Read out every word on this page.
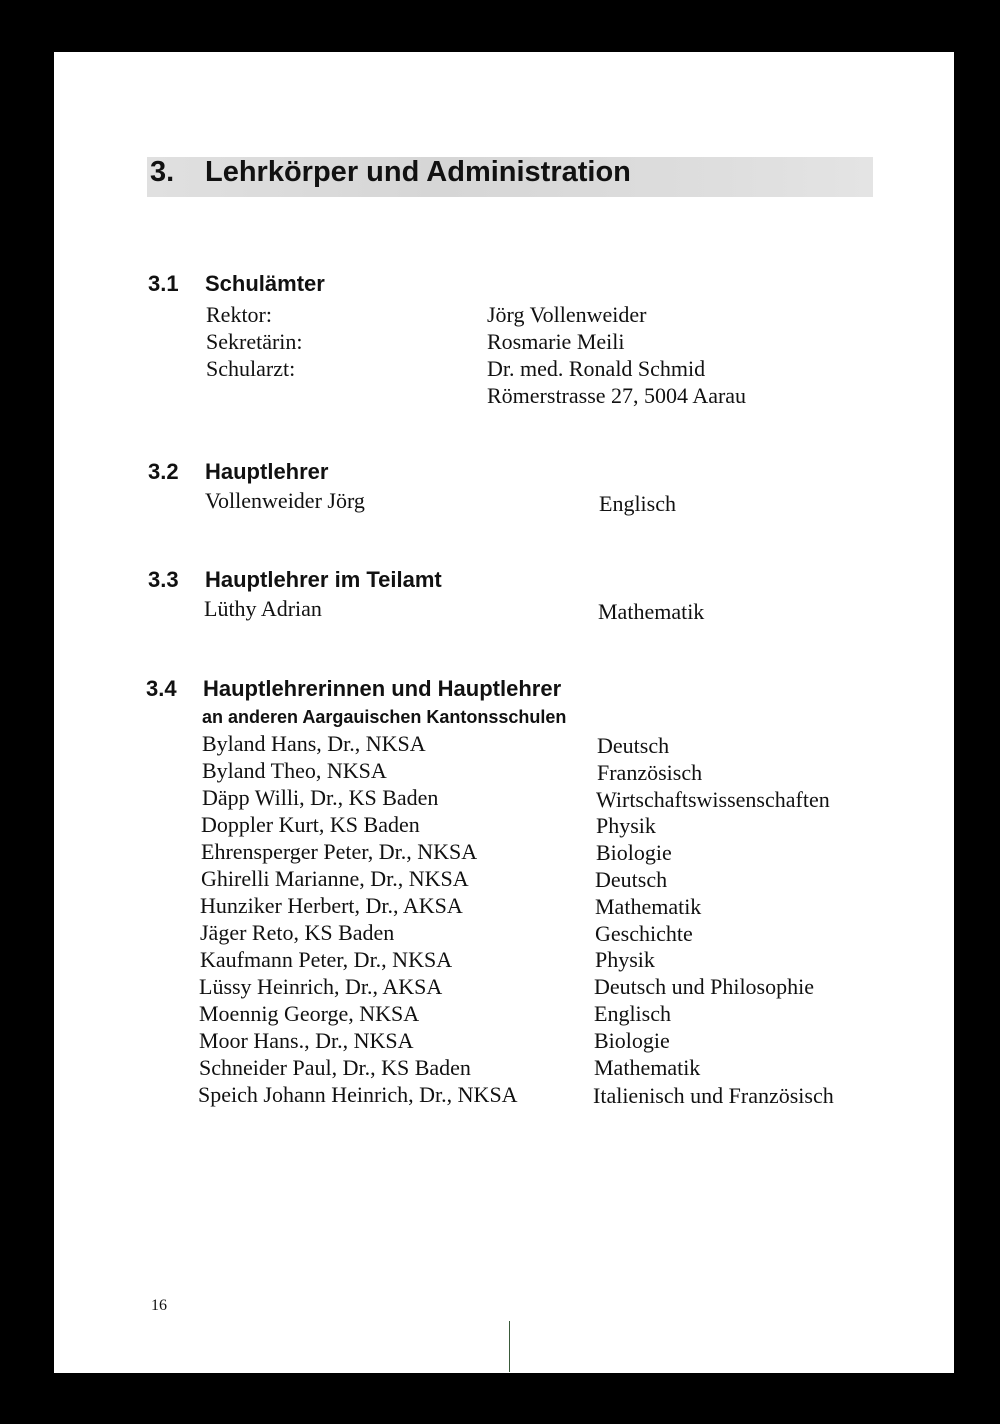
3. Lehrkörper und Administration
3.1 Schulämter
Rektor:	Jörg Vollenweider
Sekretärin:	Rosmarie Meili
Schularzt:	Dr. med. Ronald Schmid
Römerstrasse 27, 5004 Aarau
3.2 Hauptlehrer
Vollenweider Jörg	Englisch
3.3 Hauptlehrer im Teilamt
Lüthy Adrian	Mathematik
3.4 Hauptlehrerinnen und Hauptlehrer
an anderen Aargauischen Kantonsschulen
Byland Hans, Dr., NKSA	Deutsch
Byland Theo, NKSA	Französisch
Däpp Willi, Dr., KS Baden	Wirtschaftswissenschaften
Doppler Kurt, KS Baden	Physik
Ehrensperger Peter, Dr., NKSA	Biologie
Ghirelli Marianne, Dr., NKSA	Deutsch
Hunziker Herbert, Dr., AKSA	Mathematik
Jäger Reto, KS Baden	Geschichte
Kaufmann Peter, Dr., NKSA	Physik
Lüssy Heinrich, Dr., AKSA	Deutsch und Philosophie
Moennig George, NKSA	Englisch
Moor Hans., Dr., NKSA	Biologie
Schneider Paul, Dr., KS Baden	Mathematik
Speich Johann Heinrich, Dr., NKSA	Italienisch und Französisch
16
